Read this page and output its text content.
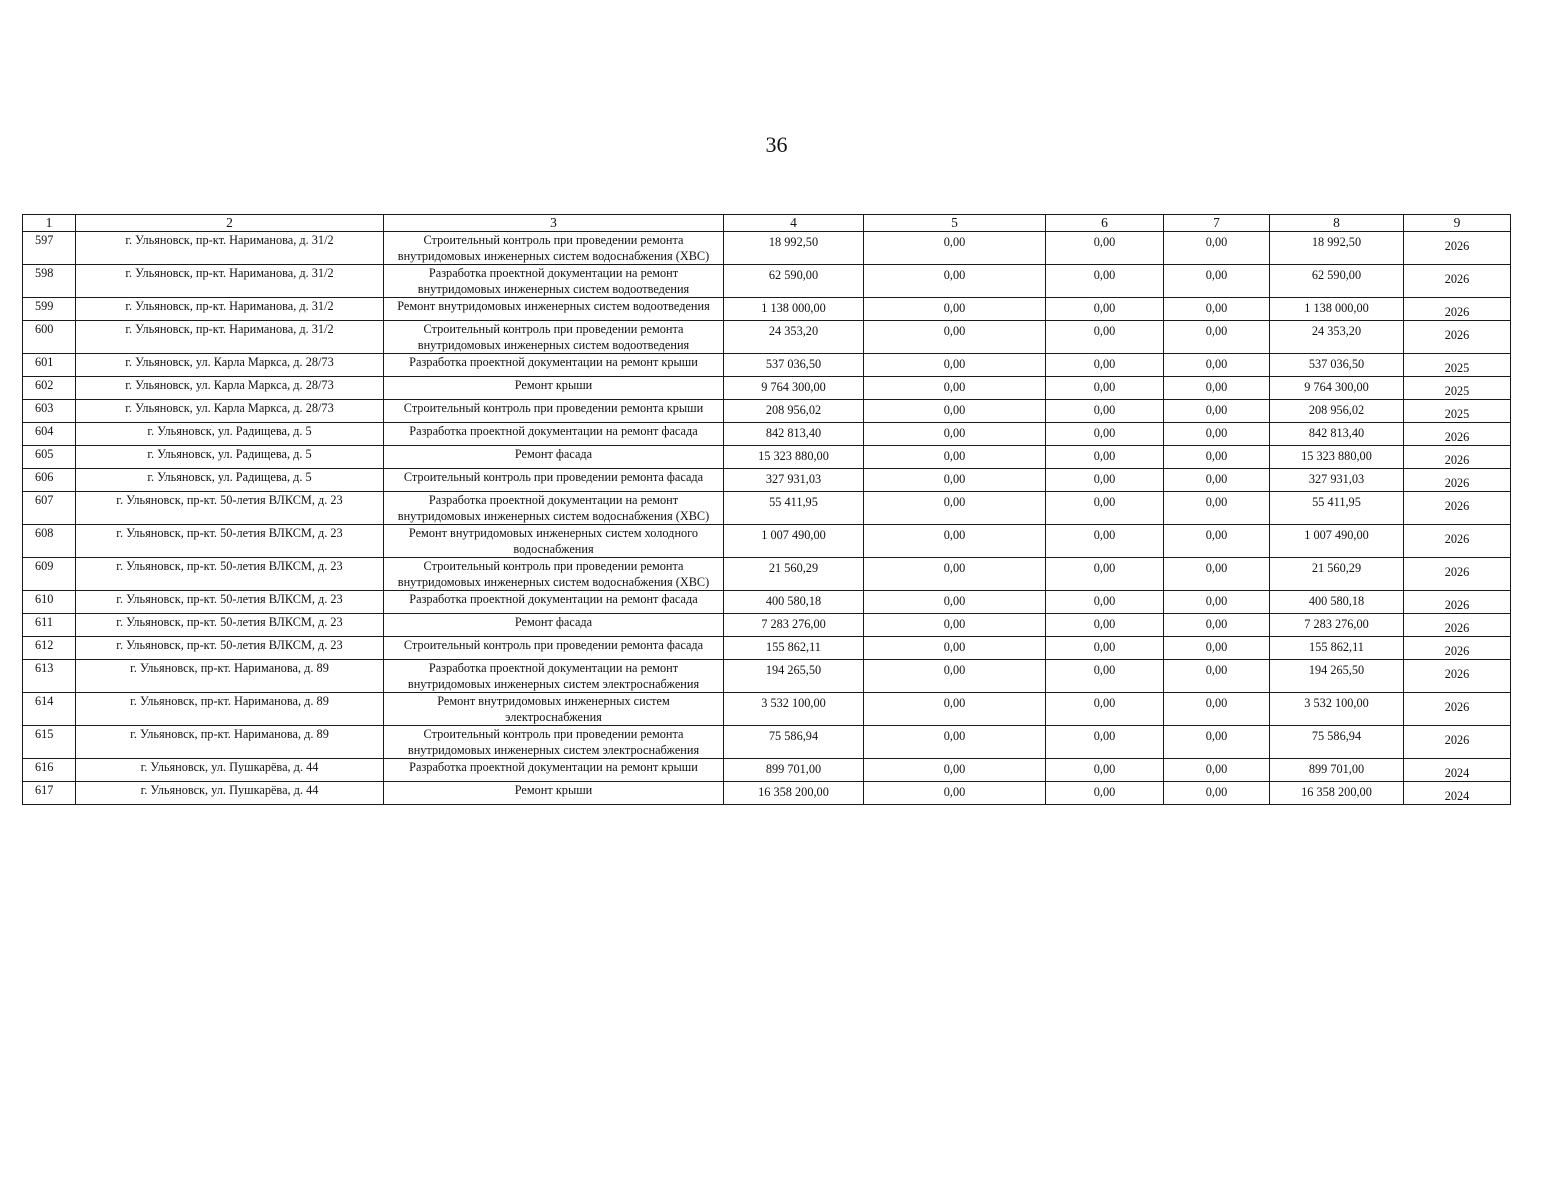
36
1	2	3	4	5	6	7	8	9
597	г. Ульяновск, пр-кт. Нариманова, д. 31/2	Строительный контроль при проведении ремонта внутридомовых инженерных систем водоснабжения (ХВС)	18 992,50	0,00	0,00	0,00	18 992,50	2026
598	г. Ульяновск, пр-кт. Нариманова, д. 31/2	Разработка проектной документации на ремонт внутридомовых инженерных систем водоотведения	62 590,00	0,00	0,00	0,00	62 590,00	2026
599	г. Ульяновск, пр-кт. Нариманова, д. 31/2	Ремонт внутридомовых инженерных систем водоотведения	1 138 000,00	0,00	0,00	0,00	1 138 000,00	2026
600	г. Ульяновск, пр-кт. Нариманова, д. 31/2	Строительный контроль при проведении ремонта внутридомовых инженерных систем водоотведения	24 353,20	0,00	0,00	0,00	24 353,20	2026
601	г. Ульяновск, ул. Карла Маркса, д. 28/73	Разработка проектной документации на ремонт крыши	537 036,50	0,00	0,00	0,00	537 036,50	2025
602	г. Ульяновск, ул. Карла Маркса, д. 28/73	Ремонт крыши	9 764 300,00	0,00	0,00	0,00	9 764 300,00	2025
603	г. Ульяновск, ул. Карла Маркса, д. 28/73	Строительный контроль при проведении ремонта крыши	208 956,02	0,00	0,00	0,00	208 956,02	2025
604	г. Ульяновск, ул. Радищева, д. 5	Разработка проектной документации на ремонт фасада	842 813,40	0,00	0,00	0,00	842 813,40	2026
605	г. Ульяновск, ул. Радищева, д. 5	Ремонт фасада	15 323 880,00	0,00	0,00	0,00	15 323 880,00	2026
606	г. Ульяновск, ул. Радищева, д. 5	Строительный контроль при проведении ремонта фасада	327 931,03	0,00	0,00	0,00	327 931,03	2026
607	г. Ульяновск, пр-кт. 50-летия ВЛКСМ, д. 23	Разработка проектной документации на ремонт внутридомовых инженерных систем водоснабжения (ХВС)	55 411,95	0,00	0,00	0,00	55 411,95	2026
608	г. Ульяновск, пр-кт. 50-летия ВЛКСМ, д. 23	Ремонт внутридомовых инженерных систем холодного водоснабжения	1 007 490,00	0,00	0,00	0,00	1 007 490,00	2026
609	г. Ульяновск, пр-кт. 50-летия ВЛКСМ, д. 23	Строительный контроль при проведении ремонта внутридомовых инженерных систем водоснабжения (ХВС)	21 560,29	0,00	0,00	0,00	21 560,29	2026
610	г. Ульяновск, пр-кт. 50-летия ВЛКСМ, д. 23	Разработка проектной документации на ремонт фасада	400 580,18	0,00	0,00	0,00	400 580,18	2026
611	г. Ульяновск, пр-кт. 50-летия ВЛКСМ, д. 23	Ремонт фасада	7 283 276,00	0,00	0,00	0,00	7 283 276,00	2026
612	г. Ульяновск, пр-кт. 50-летия ВЛКСМ, д. 23	Строительный контроль при проведении ремонта фасада	155 862,11	0,00	0,00	0,00	155 862,11	2026
613	г. Ульяновск, пр-кт. Нариманова, д. 89	Разработка проектной документации на ремонт внутридомовых инженерных систем электроснабжения	194 265,50	0,00	0,00	0,00	194 265,50	2026
614	г. Ульяновск, пр-кт. Нариманова, д. 89	Ремонт внутридомовых инженерных систем электроснабжения	3 532 100,00	0,00	0,00	0,00	3 532 100,00	2026
615	г. Ульяновск, пр-кт. Нариманова, д. 89	Строительный контроль при проведении ремонта внутридомовых инженерных систем электроснабжения	75 586,94	0,00	0,00	0,00	75 586,94	2026
616	г. Ульяновск, ул. Пушкарёва, д. 44	Разработка проектной документации на ремонт крыши	899 701,00	0,00	0,00	0,00	899 701,00	2024
617	г. Ульяновск, ул. Пушкарёва, д. 44	Ремонт крыши	16 358 200,00	0,00	0,00	0,00	16 358 200,00	2024
